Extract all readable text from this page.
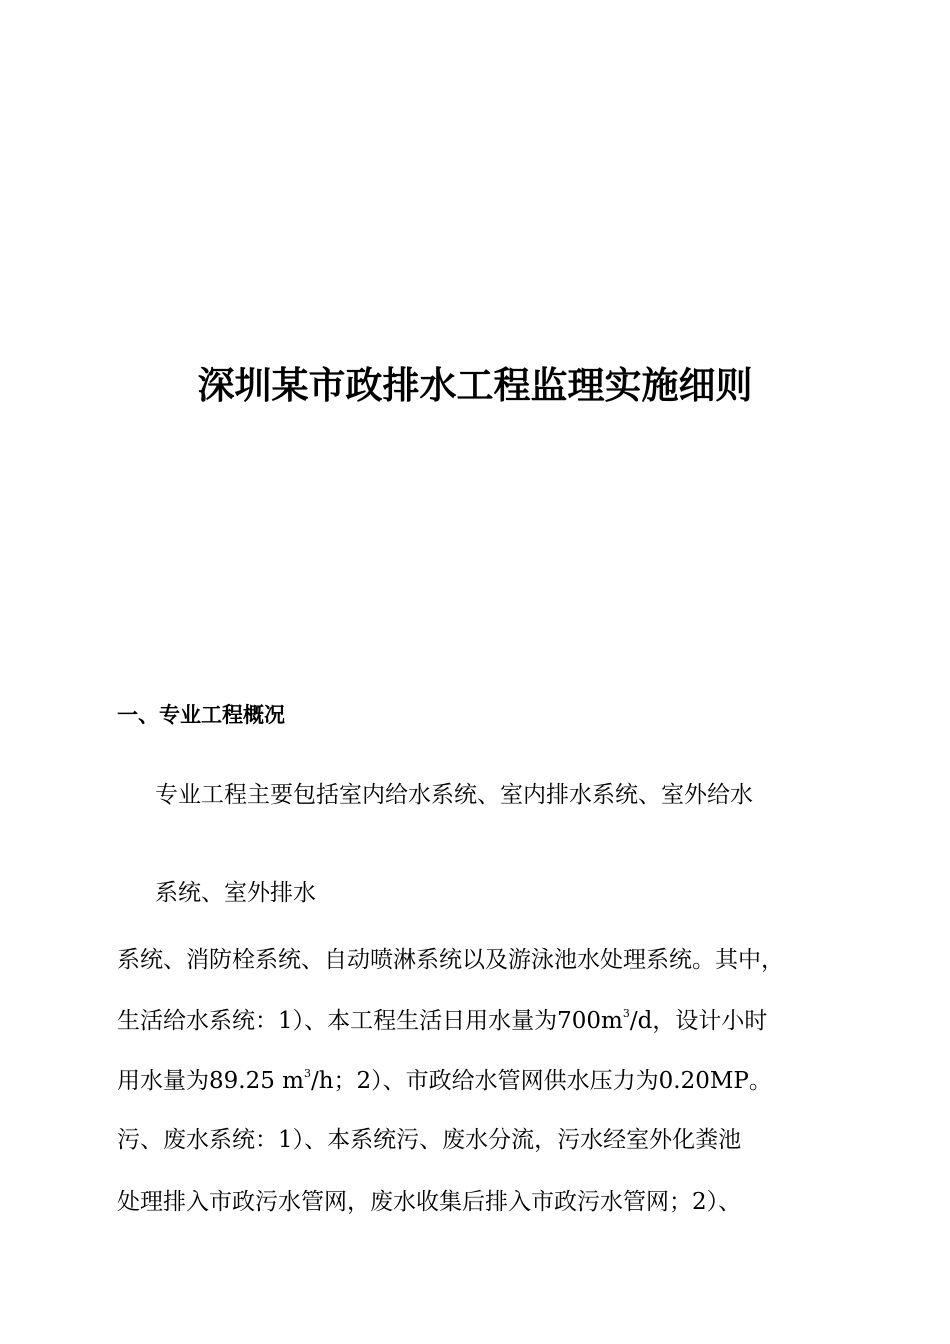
深圳某市政排水工程监理实施细则
一、专业工程概况
专业工程主要包括室内给水系统、室内排水系统、室外给水
系统、室外排水
系统、消防栓系统、自动喷淋系统以及游泳池水处理系统。其中，
生活给水系统：1）、本工程生活日用水量为$700m^3/d$，设计小时
用水量为89.25 $m^3/h$；2）、市政给水管网供水压力为0.20MP。
污、废水系统：1）、本系统污、废水分流，污水经室外化粪池
处理排入市政污水管网，废水收集后排入市政污水管网；2）、
